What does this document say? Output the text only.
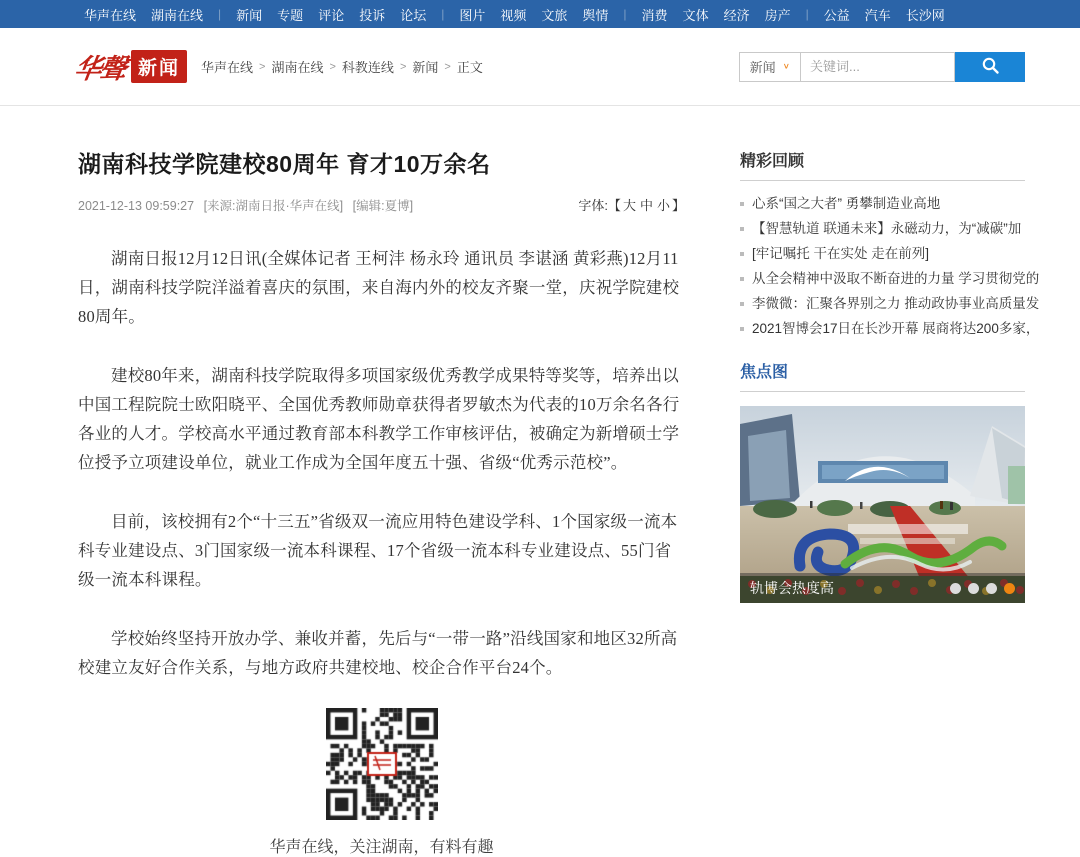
华声在线 湖南在线 | 新闻 专题 评论 投诉 论坛 | 图片 视频 文旅 舆情 | 消费 文体 经济 房产 | 公益 汽车 长沙网
华聲 新闻	华声在线 > 湖南在线 > 科教连线 > 新闻 > 正文	新闻 ∨
关键词...
湖南科技学院建校80周年 育才10万余名
2021-12-13 09:59:27 [来源:湖南日报·华声在线] [编辑:夏博]	字体:【 大 中 小 】

湖南日报12月12日讯(全媒体记者 王柯沣 杨永玲 通讯员 李谌涵 黄彩燕)12月11日，湖南科技学院洋溢着喜庆的氛围，来自海内外的校友齐聚一堂，庆祝学院建校80周年。

建校80年来，湖南科技学院取得多项国家级优秀教学成果特等奖等，培养出以中国工程院院士欧阳晓平、全国优秀教师勋章获得者罗敏杰为代表的10万余名各行各业的人才。学校高水平通过教育部本科教学工作审核评估，被确定为新增硕士学位授予立项建设单位，就业工作成为全国年度五十强、省级“优秀示范校”。

目前，该校拥有2个“十三五”省级双一流应用特色建设学科、1个国家级一流本科专业建设点、3门国家级一流本科课程、17个省级一流本科专业建设点、55门省级一流本科课程。

学校始终坚持开放办学、兼收并蓄，先后与“一带一路”沿线国家和地区32所高校建立友好合作关系，与地方政府共建校地、校企合作平台24个。

华声在线，关注湖南，有料有趣
精彩回顾
心系“国之大者” 勇攀制造业高地
【智慧轨道 联通未来】永磁动力，为“减碳”加
[牢记嘱托 干在实处 走在前列]
从全会精神中汲取不断奋进的力量 学习贯彻党的
李微微：汇聚各界别之力 推动政协事业高质量发
2021智博会17日在长沙开幕 展商将达200多家，
焦点图
轨博会热度高
